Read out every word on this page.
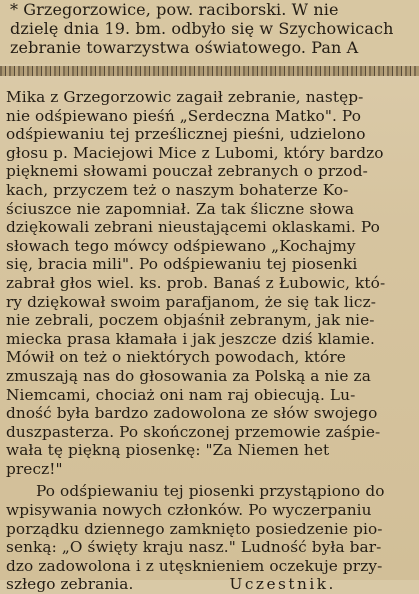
* Grzegorzowice, pow. raciborski. W nie

dzielę dnia 19. bm. odbyło się w Szychowicach

zebranie towarzystwa oświatowego. Pan A

Mika z Grzegorzowic zagaił zebranie, następ-

nie odśpiewano pieśń „Serdeczna Matko". Po

odśpiewaniu tej prześlicznej pieśni, udzielono

głosu p. Maciejowi Mice z Lubomi, który bardzo

pięknemi słowami pouczał zebranych o przod-

kach, przyczem też o naszym bohaterze Ko-

ściuszce nie zapomniał. Za tak śliczne słowa

dziękowali zebrani nieustającemi oklaskami. Po

słowach tego mówcy odśpiewano „Kochajmy

się, bracia mili". Po odśpiewaniu tej piosenki

zabrał głos wiel. ks. prob. Banaś z Łubowic, któ-

ry dziękował swoim parafjanom, że się tak licz-

nie zebrali, poczem objaśnił zebranym, jak nie-

miecka prasa kłamała i jak jeszcze dziś klamie.

Mówił on też o niektórych powodach, które

zmuszają nas do głosowania za Polską a nie za

Niemcami, chociaż oni nam raj obiecują. Lu-

dność była bardzo zadowolona ze słów swojego

duszpasterza. Po skończonej przemowie zaśpie-

wała tę piękną piosenkę: "Za Niemen het

precz!"

Po odśpiewaniu tej piosenki przystąpiono do

wpisywania nowych członków. Po wyczerpaniu

porządku dziennego zamknięto posiedzenie pio-

senką: „O święty kraju nasz." Ludność była bar-

dzo zadowolona i z utęsknieniem oczekuje przy-

szłego zebrania.	Uczestnik.
